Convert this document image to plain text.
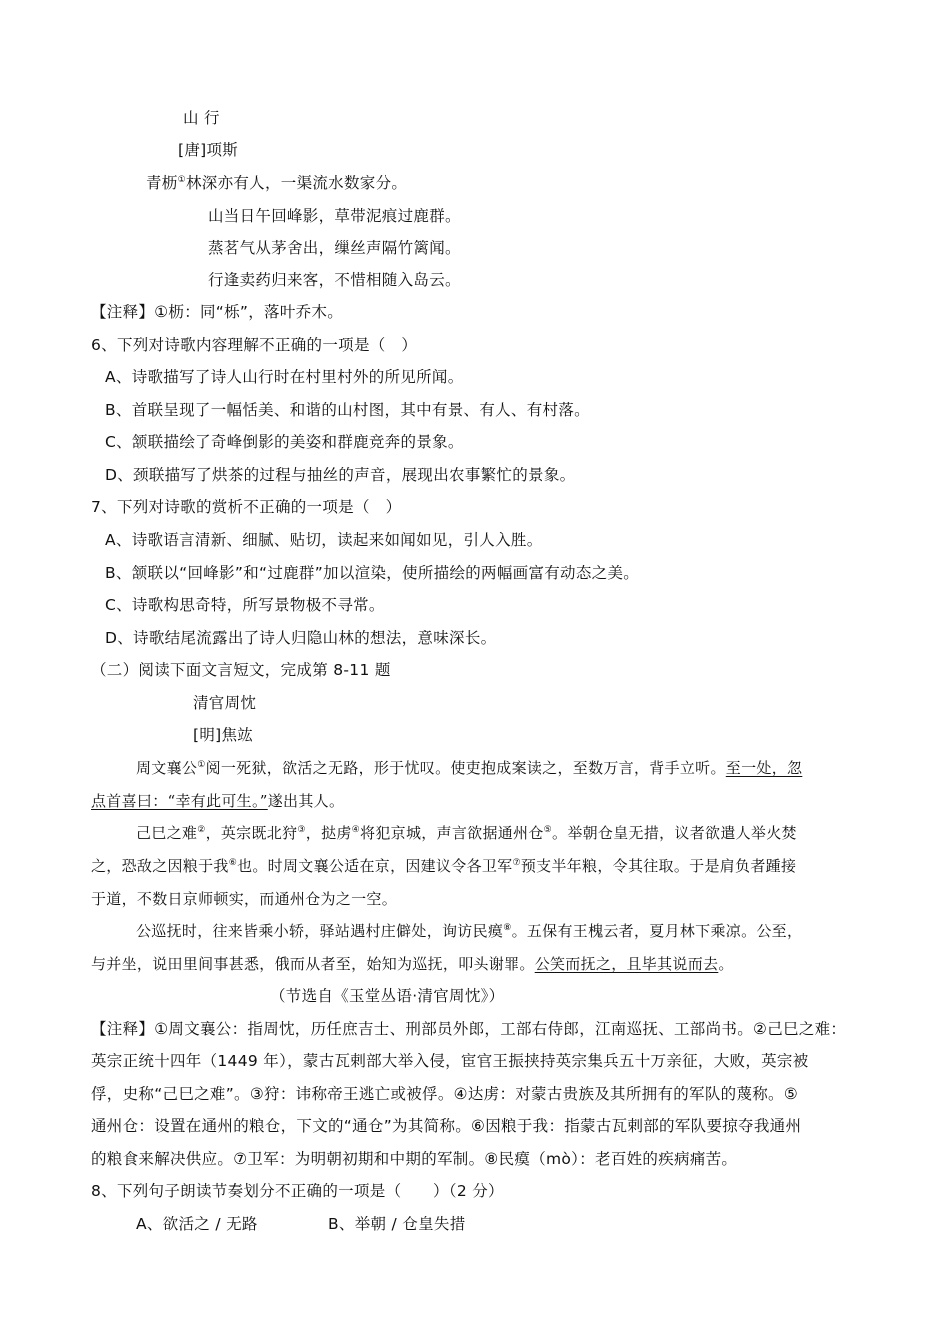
山 行
[唐]项斯
青枥①林深亦有人，一渠流水数家分。
山当日午回峰影，草带泥痕过鹿群。
蒸茗气从茅舍出，缫丝声隔竹篱闻。
行逢卖药归来客，不惜相随入岛云。
【注释】①枥：同“栎”，落叶乔木。
6、下列对诗歌内容理解不正确的一项是（　）
A、诗歌描写了诗人山行时在村里村外的所见所闻。
B、首联呈现了一幅恬美、和谐的山村图，其中有景、有人、有村落。
C、颔联描绘了奇峰倒影的美姿和群鹿竞奔的景象。
D、颈联描写了烘茶的过程与抽丝的声音，展现出农事繁忙的景象。
7、下列对诗歌的赏析不正确的一项是（　）
A、诗歌语言清新、细腻、贴切，读起来如闻如见，引人入胜。
B、颔联以“回峰影”和“过鹿群”加以渲染，使所描绘的两幅画富有动态之美。
C、诗歌构思奇特，所写景物极不寻常。
D、诗歌结尾流露出了诗人归隐山林的想法，意味深长。
（二）阅读下面文言短文，完成第 8-11 题
清官周忱
[明]焦竑
周文襄公①阅一死狱，欲活之无路，形于忧叹。使吏抱成案读之，至数万言，背手立听。至一处，忽
点首喜曰：“幸有此可生。”遂出其人。
己巳之难②，英宗既北狩③，挞虏④将犯京城，声言欲据通州仓⑤。举朝仓皇无措，议者欲遣人举火焚
之，恐敌之因粮于我⑥也。时周文襄公适在京，因建议令各卫军⑦预支半年粮，令其往取。于是肩负者踵接
于道，不数日京师顿实，而通州仓为之一空。
公巡抚时，往来皆乘小轿，驿站遇村庄僻处，询访民瘼⑧。五保有王槐云者，夏月林下乘凉。公至，
与并坐，说田里间事甚悉，俄而从者至，始知为巡抚，叩头谢罪。公笑而抚之，且毕其说而去。
（节选自《玉堂丛语·清官周忱》）
【注释】①周文襄公：指周忱，历任庶吉士、刑部员外郎，工部右侍郎，江南巡抚、工部尚书。②己巳之难：
英宗正统十四年（1449 年），蒙古瓦剌部大举入侵，宦官王振挟持英宗集兵五十万亲征，大败，英宗被
俘，史称“己巳之难”。③狩：讳称帝王逃亡或被俘。④达虏：对蒙古贵族及其所拥有的军队的蔑称。⑤
通州仓：设置在通州的粮仓，下文的“通仓”为其简称。⑥因粮于我：指蒙古瓦剌部的军队要掠夺我通州
的粮食来解决供应。⑦卫军：为明朝初期和中期的军制。⑧民瘼（mò）：老百姓的疾病痛苦。
8、下列句子朗读节奏划分不正确的一项是（　　）（2 分）
A、欲活之 / 无路	B、举朝 / 仓皇失措
